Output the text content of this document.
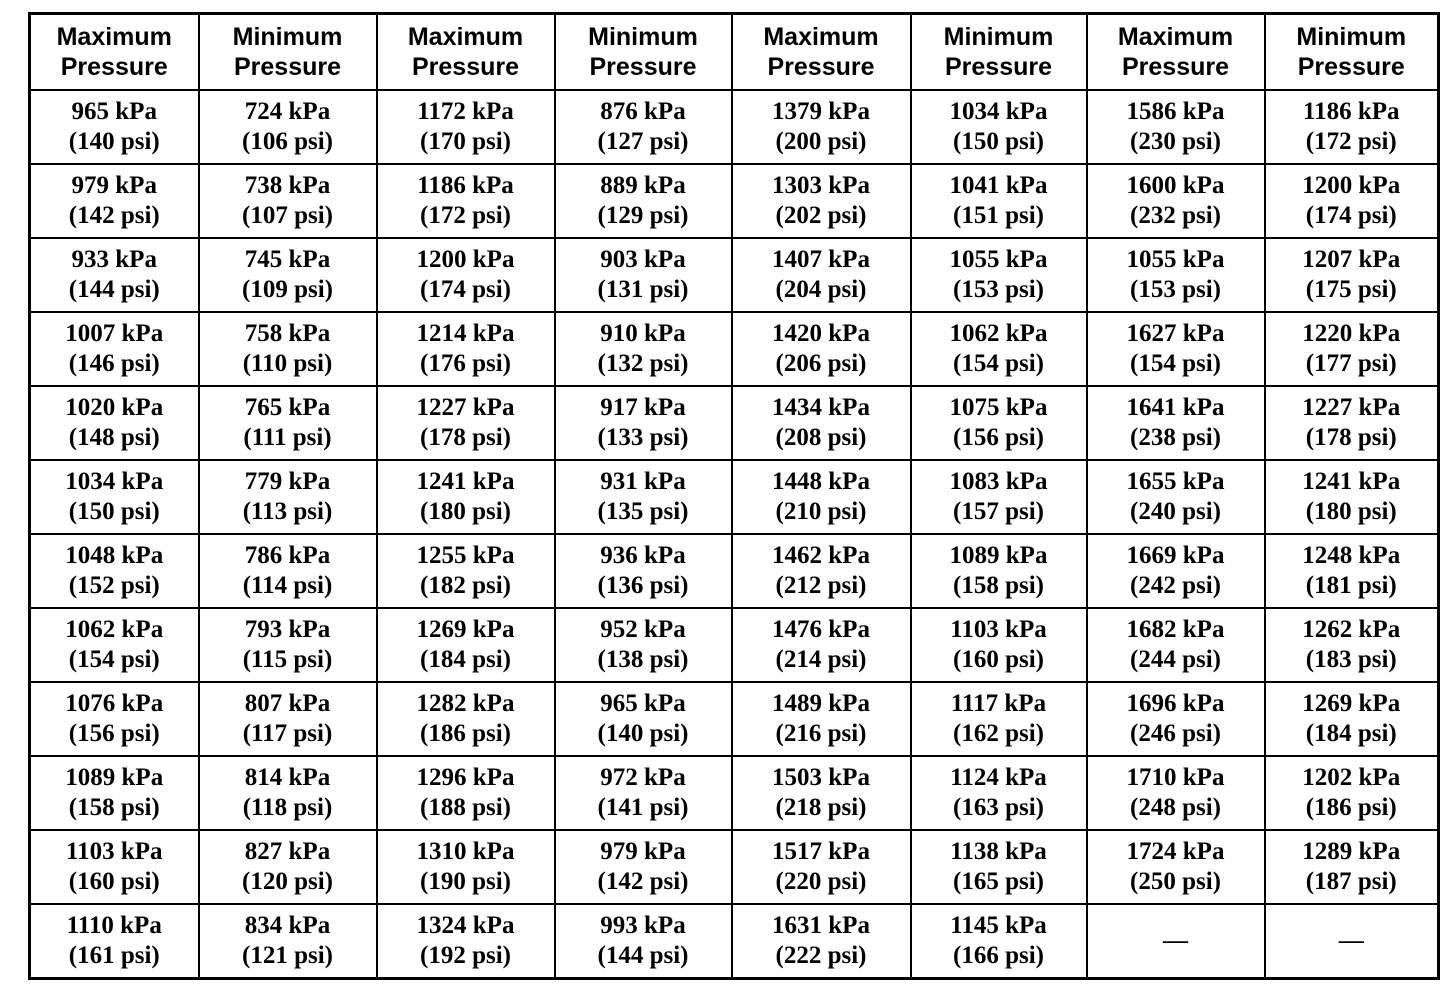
Maximum
Pressure	Minimum
Pressure	Maximum
Pressure	Minimum
Pressure	Maximum
Pressure	Minimum
Pressure	Maximum
Pressure	Minimum
Pressure

965 kPa
(140 psi)	724 kPa
(106 psi)	1172 kPa
(170 psi)	876 kPa
(127 psi)	1379 kPa
(200 psi)	1034 kPa
(150 psi)	1586 kPa
(230 psi)	1186 kPa
(172 psi)

979 kPa
(142 psi)	738 kPa
(107 psi)	1186 kPa
(172 psi)	889 kPa
(129 psi)	1303 kPa
(202 psi)	1041 kPa
(151 psi)	1600 kPa
(232 psi)	1200 kPa
(174 psi)

933 kPa
(144 psi)	745 kPa
(109 psi)	1200 kPa
(174 psi)	903 kPa
(131 psi)	1407 kPa
(204 psi)	1055 kPa
(153 psi)	1055 kPa
(153 psi)	1207 kPa
(175 psi)

1007 kPa
(146 psi)	758 kPa
(110 psi)	1214 kPa
(176 psi)	910 kPa
(132 psi)	1420 kPa
(206 psi)	1062 kPa
(154 psi)	1627 kPa
(154 psi)	1220 kPa
(177 psi)

1020 kPa
(148 psi)	765 kPa
(111 psi)	1227 kPa
(178 psi)	917 kPa
(133 psi)	1434 kPa
(208 psi)	1075 kPa
(156 psi)	1641 kPa
(238 psi)	1227 kPa
(178 psi)

1034 kPa
(150 psi)	779 kPa
(113 psi)	1241 kPa
(180 psi)	931 kPa
(135 psi)	1448 kPa
(210 psi)	1083 kPa
(157 psi)	1655 kPa
(240 psi)	1241 kPa
(180 psi)

1048 kPa
(152 psi)	786 kPa
(114 psi)	1255 kPa
(182 psi)	936 kPa
(136 psi)	1462 kPa
(212 psi)	1089 kPa
(158 psi)	1669 kPa
(242 psi)	1248 kPa
(181 psi)

1062 kPa
(154 psi)	793 kPa
(115 psi)	1269 kPa
(184 psi)	952 kPa
(138 psi)	1476 kPa
(214 psi)	1103 kPa
(160 psi)	1682 kPa
(244 psi)	1262 kPa
(183 psi)

1076 kPa
(156 psi)	807 kPa
(117 psi)	1282 kPa
(186 psi)	965 kPa
(140 psi)	1489 kPa
(216 psi)	1117 kPa
(162 psi)	1696 kPa
(246 psi)	1269 kPa
(184 psi)

1089 kPa
(158 psi)	814 kPa
(118 psi)	1296 kPa
(188 psi)	972 kPa
(141 psi)	1503 kPa
(218 psi)	1124 kPa
(163 psi)	1710 kPa
(248 psi)	1202 kPa
(186 psi)

1103 kPa
(160 psi)	827 kPa
(120 psi)	1310 kPa
(190 psi)	979 kPa
(142 psi)	1517 kPa
(220 psi)	1138 kPa
(165 psi)	1724 kPa
(250 psi)	1289 kPa
(187 psi)

1110 kPa
(161 psi)	834 kPa
(121 psi)	1324 kPa
(192 psi)	993 kPa
(144 psi)	1631 kPa
(222 psi)	1145 kPa
(166 psi)	—	—
